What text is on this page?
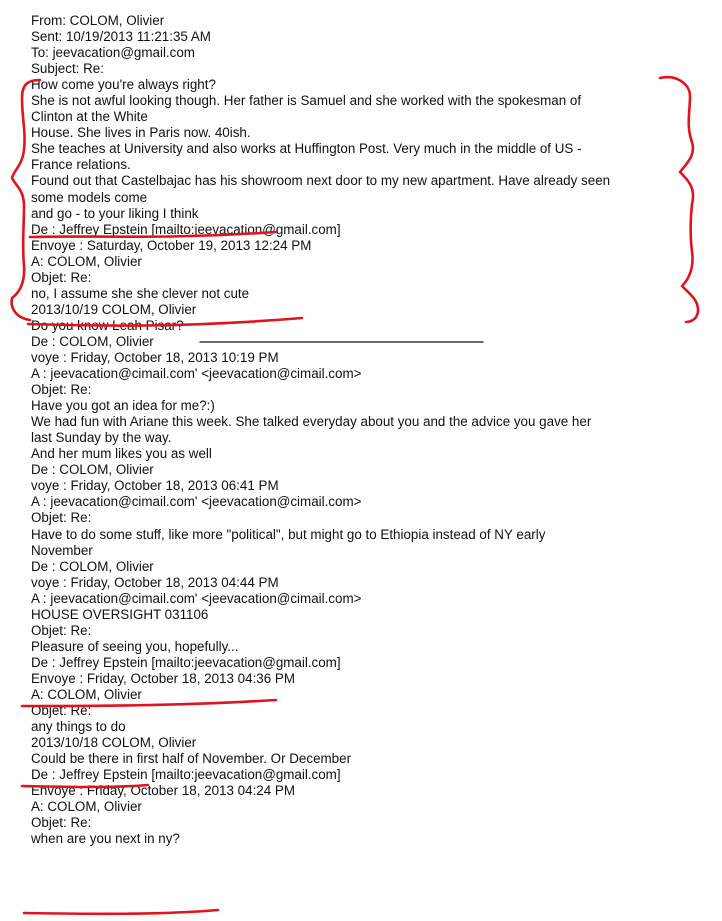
From: COLOM, Olivier
Sent: 10/19/2013 11:21:35 AM
To: jeevacation@gmail.com
Subject: Re:
How come you're always right?
She is not awful looking though. Her father is Samuel and she worked with the spokesman of
Clinton at the White
House. She lives in Paris now. 40ish.
She teaches at University and also works at Huffington Post. Very much in the middle of US -
France relations.
Found out that Castelbajac has his showroom next door to my new apartment. Have already seen
some models come
and go - to your liking I think
De : Jeffrey Epstein [mailto:jeevacation@gmail.com]
Envoye : Saturday, October 19, 2013 12:24 PM
A: COLOM, Olivier
Objet: Re:
no, I assume she she clever not cute
2013/10/19 COLOM, Olivier
Do you know Leah Pisar?
De : COLOM, Olivier
voye : Friday, October 18, 2013 10:19 PM
A : jeevacation@cimail.com' <jeevacation@cimail.com>
Objet: Re:
Have you got an idea for me?:)
We had fun with Ariane this week. She talked everyday about you and the advice you gave her
last Sunday by the way.
And her mum likes you as well
De : COLOM, Olivier
voye : Friday, October 18, 2013 06:41 PM
A : jeevacation@cimail.com' <jeevacation@cimail.com>
Objet: Re:
Have to do some stuff, like more "political", but might go to Ethiopia instead of NY early
November
De : COLOM, Olivier
voye : Friday, October 18, 2013 04:44 PM
A : jeevacation@cimail.com' <jeevacation@cimail.com>
HOUSE OVERSIGHT 031106
Objet: Re:
Pleasure of seeing you, hopefully...
De : Jeffrey Epstein [mailto:jeevacation@gmail.com]
Envoye : Friday, October 18, 2013 04:36 PM
A: COLOM, Olivier
Objet: Re:
any things to do
2013/10/18 COLOM, Olivier
Could be there in first half of November. Or December
De : Jeffrey Epstein [mailto:jeevacation@gmail.com]
Envoye : Friday, October 18, 2013 04:24 PM
A: COLOM, Olivier
Objet: Re:
when are you next in ny?
